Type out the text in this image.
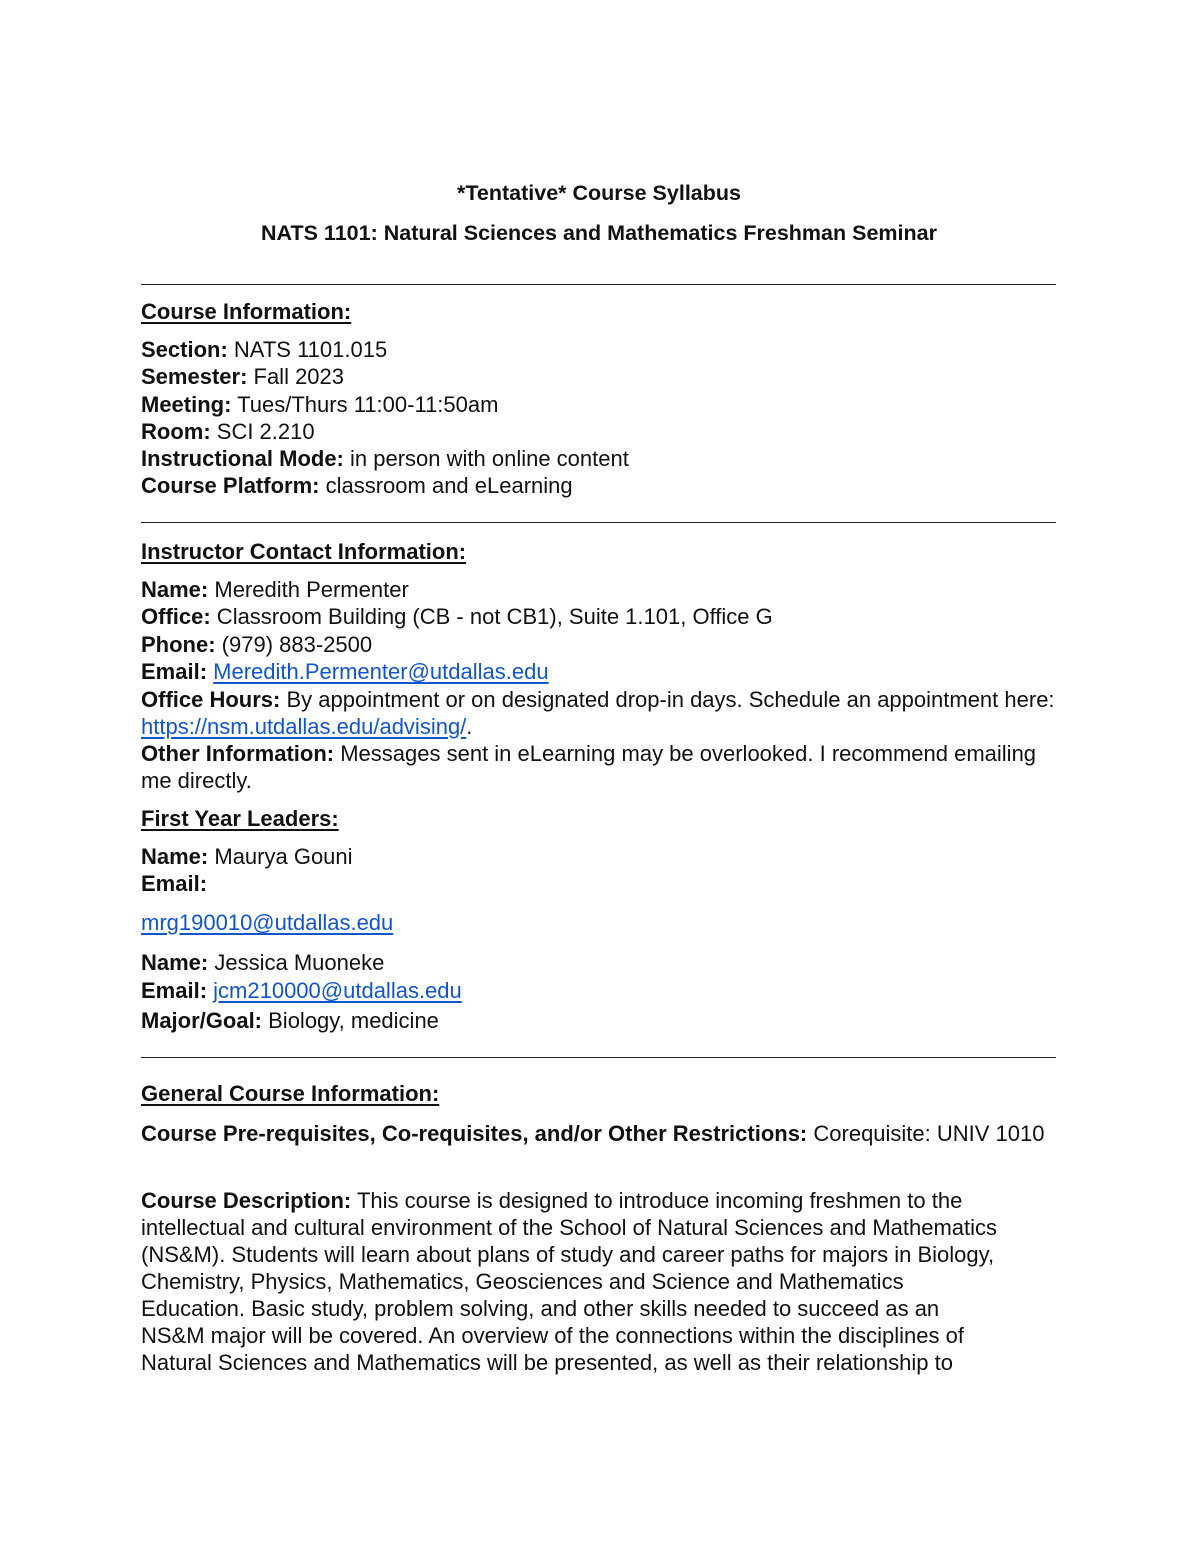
*Tentative* Course Syllabus
NATS 1101: Natural Sciences and Mathematics Freshman Seminar
Course Information:
Section: NATS 1101.015
Semester: Fall 2023
Meeting: Tues/Thurs 11:00-11:50am
Room: SCI 2.210
Instructional Mode: in person with online content
Course Platform: classroom and eLearning
Instructor Contact Information:
Name: Meredith Permenter
Office: Classroom Building (CB - not CB1), Suite 1.101, Office G
Phone: (979) 883-2500
Email: Meredith.Permenter@utdallas.edu
Office Hours: By appointment or on designated drop-in days. Schedule an appointment here: https://nsm.utdallas.edu/advising/.
Other Information: Messages sent in eLearning may be overlooked. I recommend emailing me directly.
First Year Leaders:
Name: Maurya Gouni
Email:
mrg190010@utdallas.edu
Name: Jessica Muoneke
Email: jcm210000@utdallas.edu
Major/Goal: Biology, medicine
General Course Information:
Course Pre-requisites, Co-requisites, and/or Other Restrictions: Corequisite: UNIV 1010
Course Description: This course is designed to introduce incoming freshmen to the
intellectual and cultural environment of the School of Natural Sciences and Mathematics
(NS&M). Students will learn about plans of study and career paths for majors in Biology,
Chemistry, Physics, Mathematics, Geosciences and Science and Mathematics
Education. Basic study, problem solving, and other skills needed to succeed as an
NS&M major will be covered. An overview of the connections within the disciplines of
Natural Sciences and Mathematics will be presented, as well as their relationship to
